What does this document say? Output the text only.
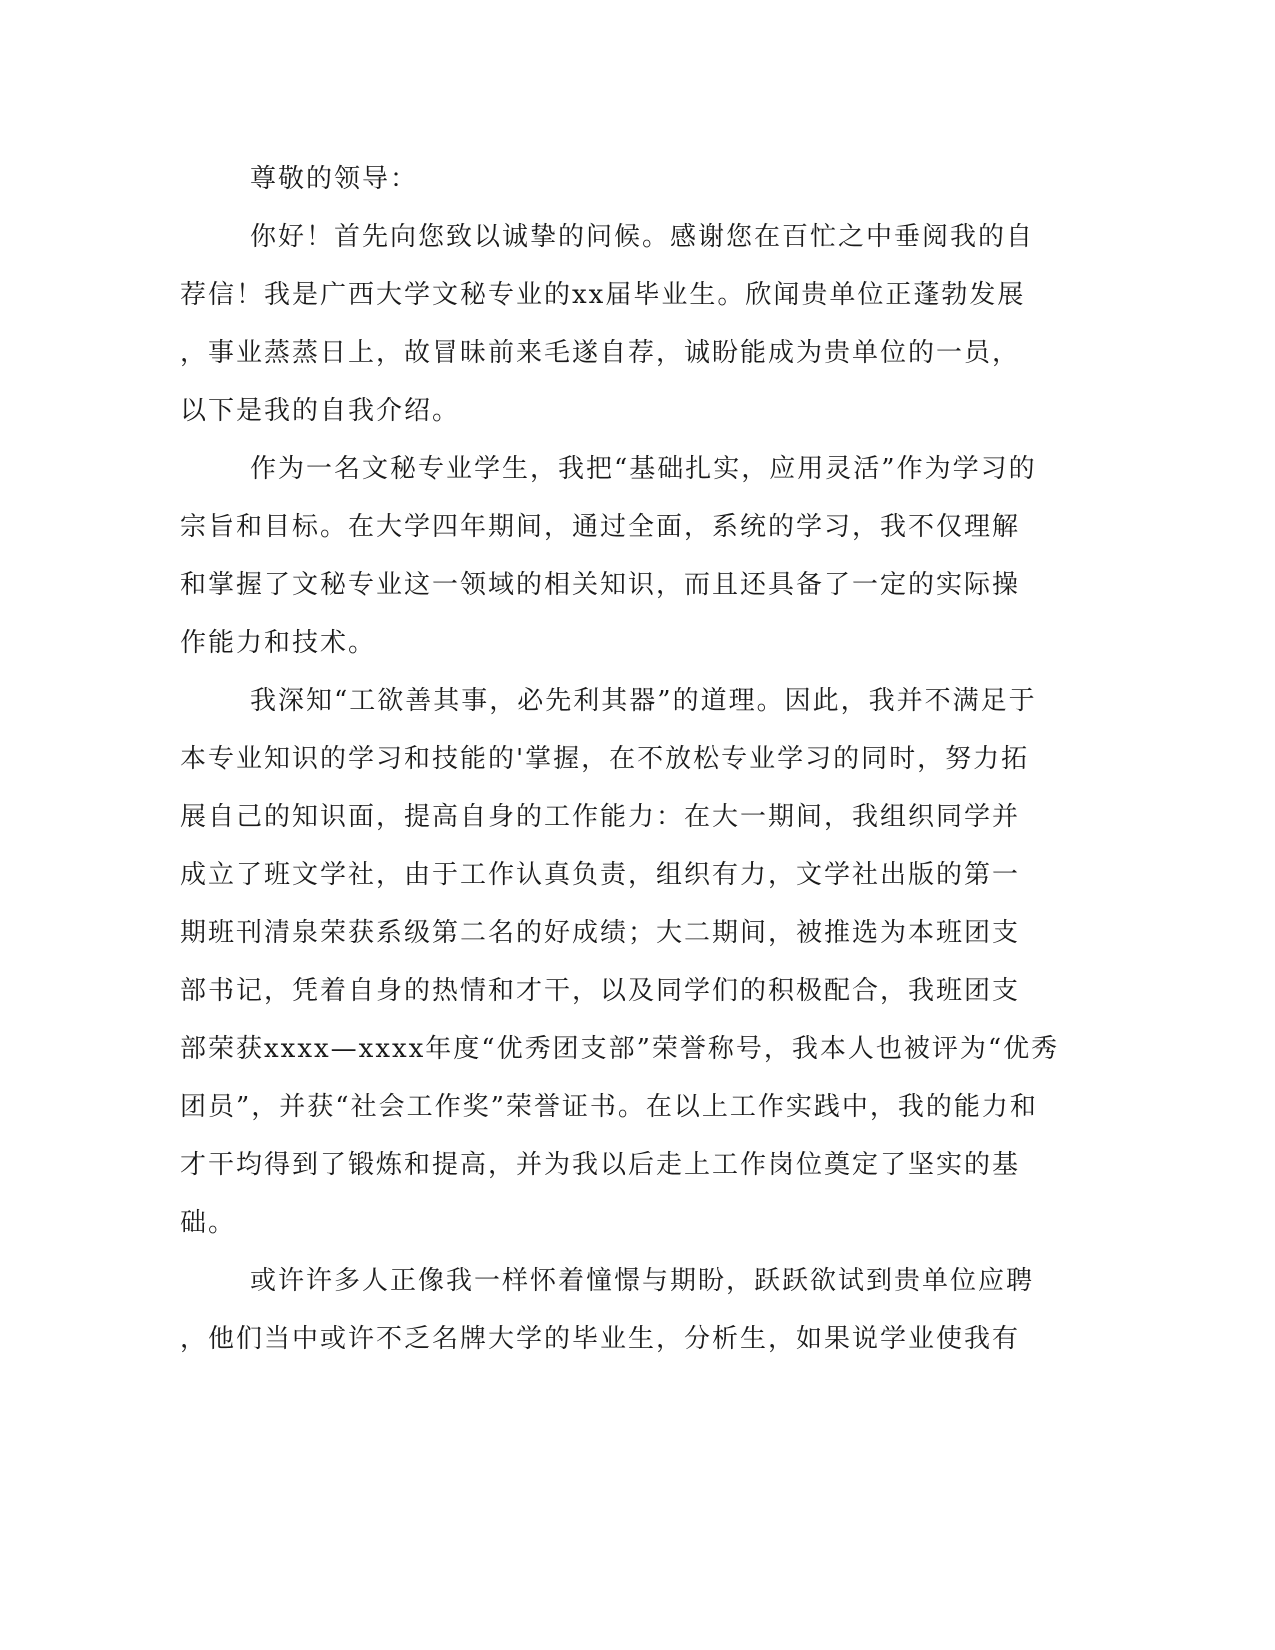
尊敬的领导：
你好！首先向您致以诚挚的问候。感谢您在百忙之中垂阅我的自
荐信！我是广西大学文秘专业的xx届毕业生。欣闻贵单位正蓬勃发展
，事业蒸蒸日上，故冒昧前来毛遂自荐，诚盼能成为贵单位的一员，
以下是我的自我介绍。
作为一名文秘专业学生，我把“基础扎实，应用灵活”作为学习的
宗旨和目标。在大学四年期间，通过全面，系统的学习，我不仅理解
和掌握了文秘专业这一领域的相关知识，而且还具备了一定的实际操
作能力和技术。
我深知“工欲善其事，必先利其器”的道理。因此，我并不满足于
本专业知识的学习和技能的'掌握，在不放松专业学习的同时，努力拓
展自己的知识面，提高自身的工作能力：在大一期间，我组织同学并
成立了班文学社，由于工作认真负责，组织有力，文学社出版的第一
期班刊清泉荣获系级第二名的好成绩；大二期间，被推选为本班团支
部书记，凭着自身的热情和才干，以及同学们的积极配合，我班团支
部荣获xxxx—xxxx年度“优秀团支部”荣誉称号，我本人也被评为“优秀
团员”，并获“社会工作奖”荣誉证书。在以上工作实践中，我的能力和
才干均得到了锻炼和提高，并为我以后走上工作岗位奠定了坚实的基
础。
或许许多人正像我一样怀着憧憬与期盼，跃跃欲试到贵单位应聘
，他们当中或许不乏名牌大学的毕业生，分析生，如果说学业使我有
